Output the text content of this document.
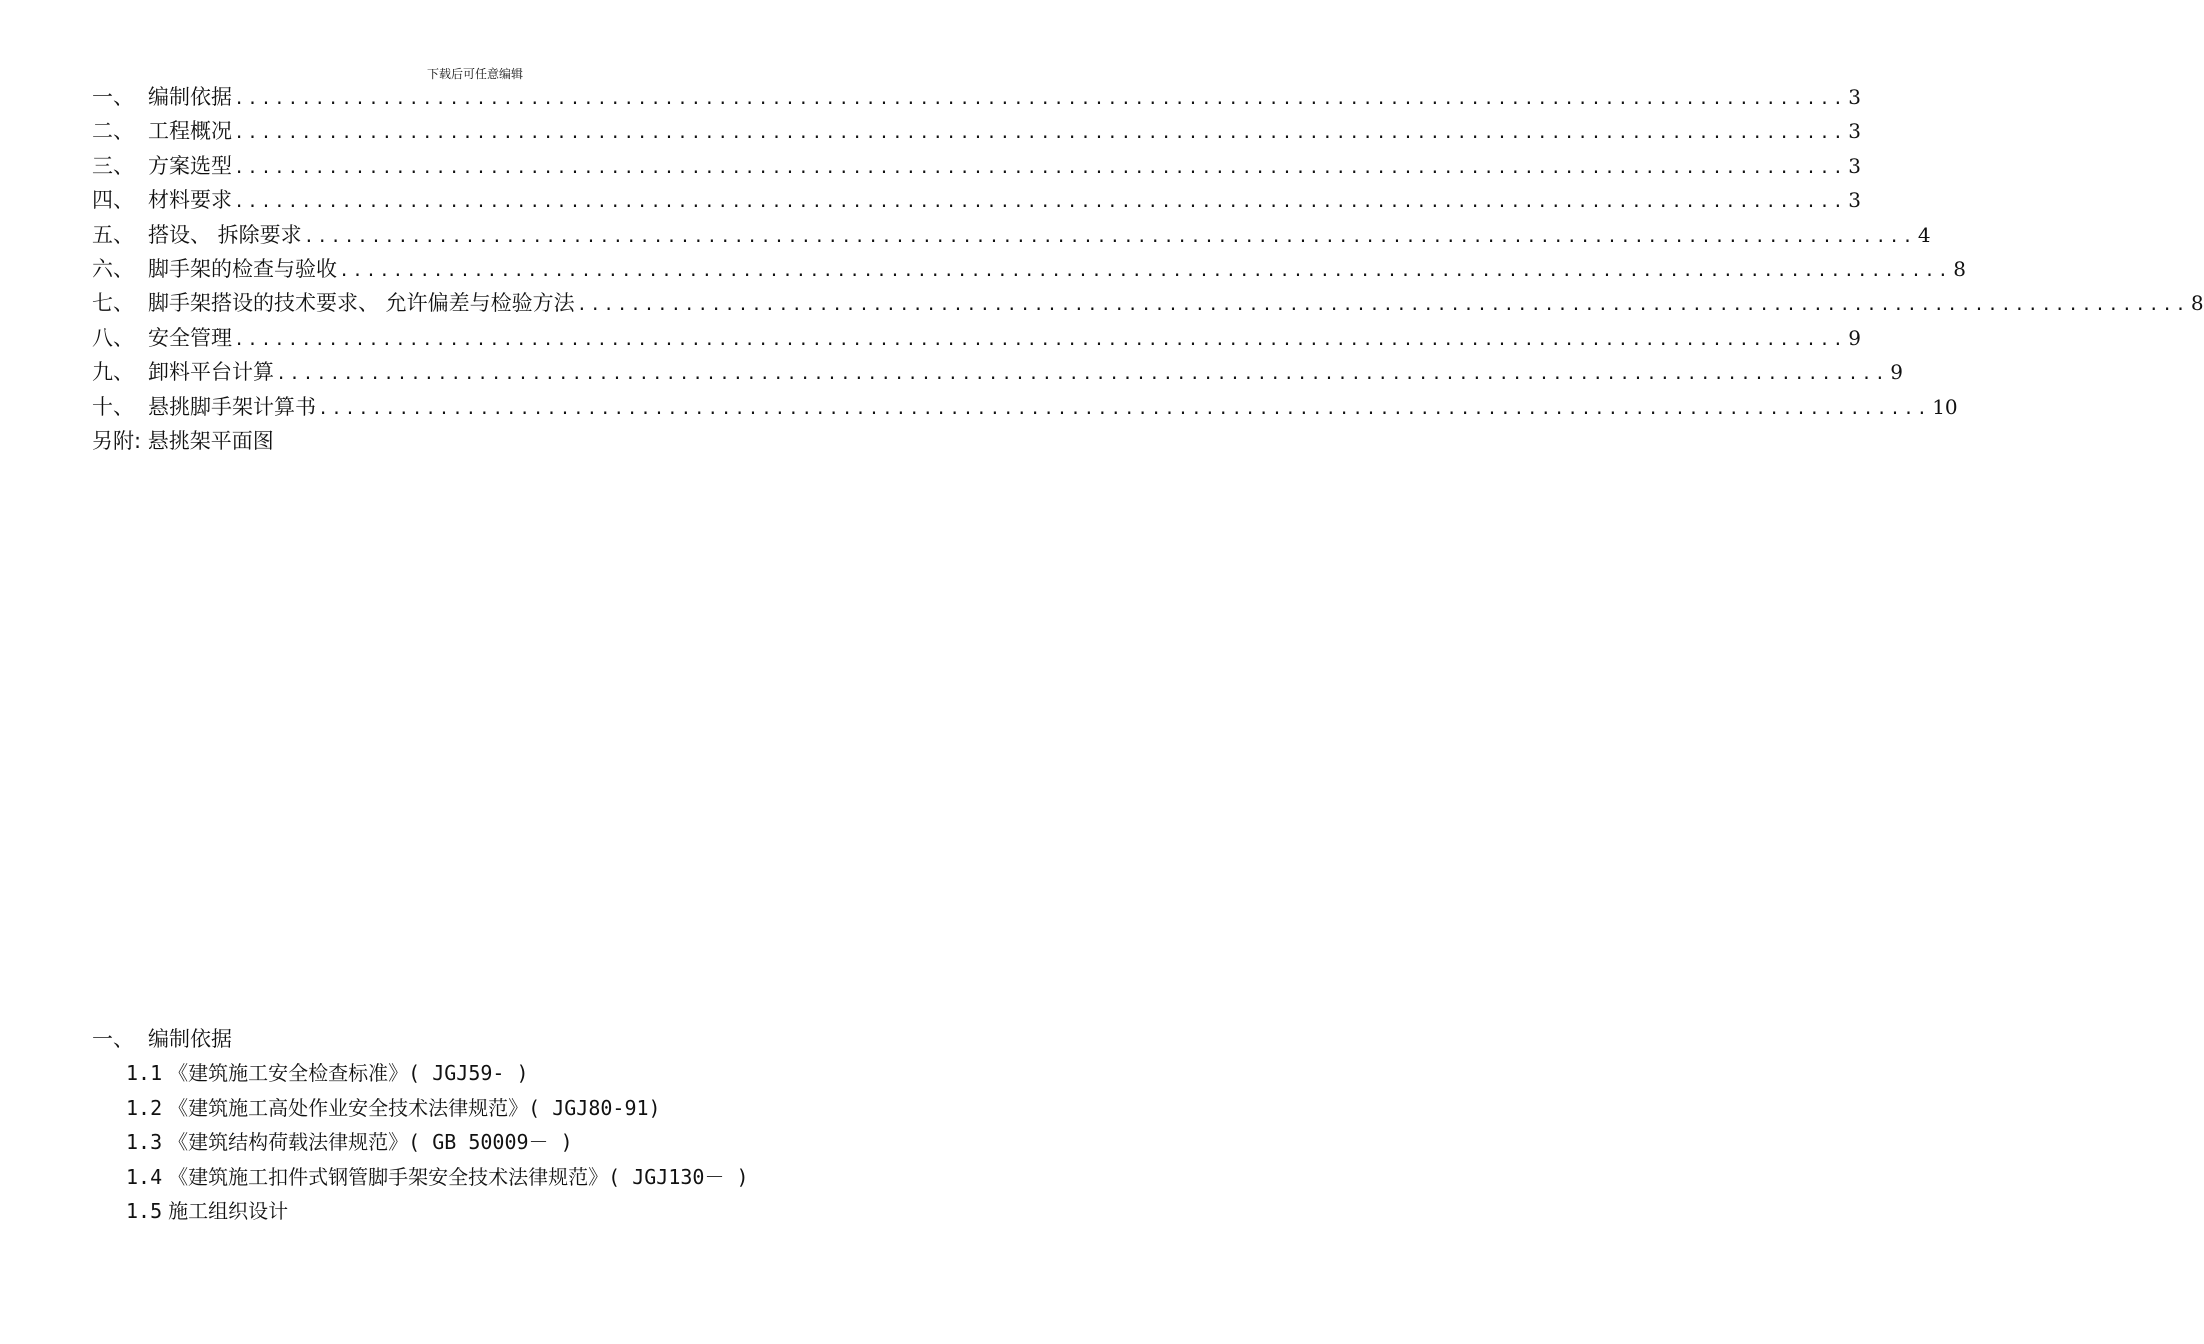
下载后可任意编辑
一、 编制依据 ........................................................................................................................ 3
二、 工程概况 ........................................................................................................................ 3
三、 方案选型 ........................................................................................................................ 3
四、 材料要求 ........................................................................................................................ 3
五、 搭设、 拆除要求 ........................................................................................................................ 4
六、 脚手架的检查与验收 ........................................................................................................................ 8
七、 脚手架搭设的技术要求、 允许偏差与检验方法 ........................................................................................................................ 8
八、 安全管理 ........................................................................................................................ 9
九、 卸料平台计算 ........................................................................................................................ 9
十、 悬挑脚手架计算书 ........................................................................................................................ 10
另附: 悬挑架平面图
一、 编制依据
1.1 《建筑施工安全检查标准》( JGJ59- )
1.2 《建筑施工高处作业安全技术法律规范》( JGJ80-91)
1.3 《建筑结构荷载法律规范》( GB 50009－ )
1.4 《建筑施工扣件式钢管脚手架安全技术法律规范》( JGJ130－ )
1.5 施工组织设计
